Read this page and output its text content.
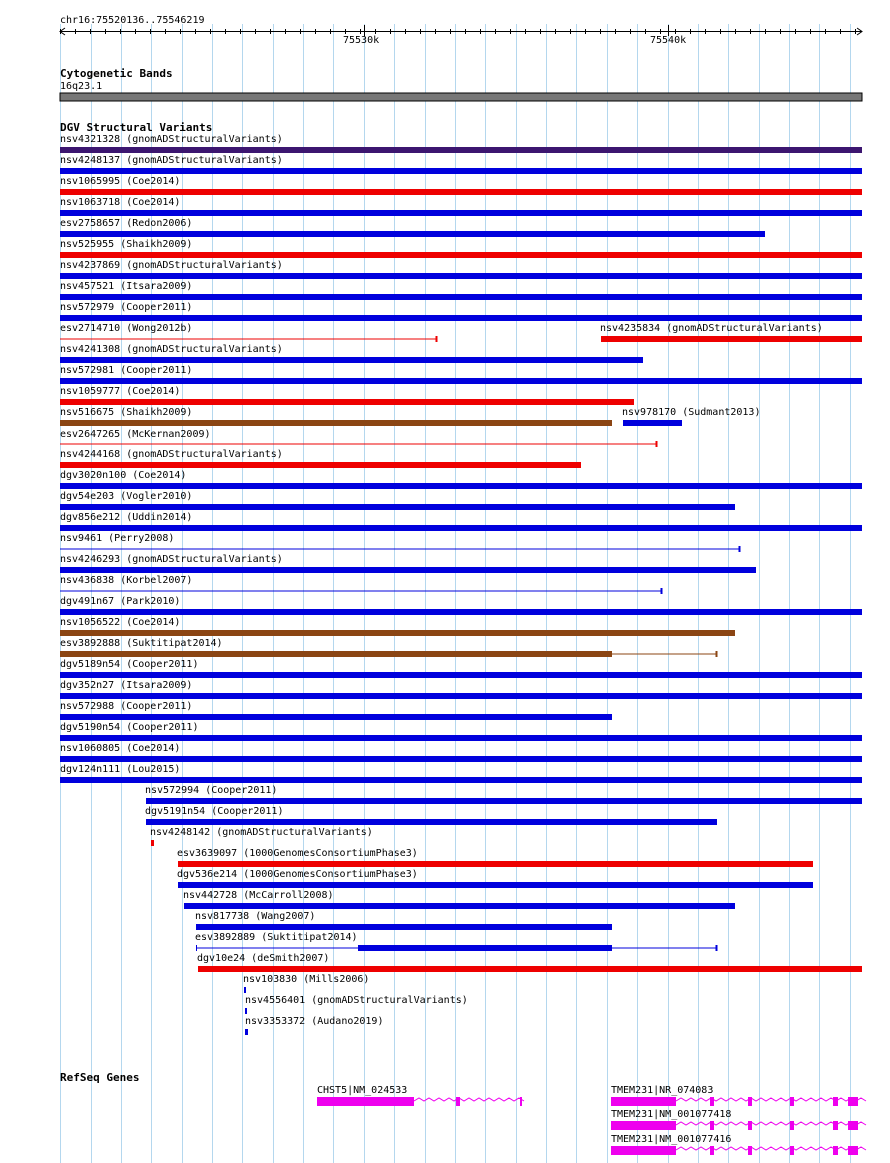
chr16:75520136..75546219
75530k	75540k
Cytogenetic Bands
16q23.1
DGV Structural Variants
nsv4321328 (gnomADStructuralVariants)
nsv4248137 (gnomADStructuralVariants)
nsv1065995 (Coe2014)
nsv1063718 (Coe2014)
esv2758657 (Redon2006)
nsv525955 (Shaikh2009)
nsv4237869 (gnomADStructuralVariants)
nsv457521 (Itsara2009)
nsv572979 (Cooper2011)
esv2714710 (Wong2012b)	nsv4235834 (gnomADStructuralVariants)
nsv4241308 (gnomADStructuralVariants)
nsv572981 (Cooper2011)
nsv1059777 (Coe2014)
nsv516675 (Shaikh2009)	nsv978170 (Sudmant2013)
esv2647265 (McKernan2009)
nsv4244168 (gnomADStructuralVariants)
dgv3020n100 (Coe2014)
dgv54e203 (Vogler2010)
dgv856e212 (Uddin2014)
nsv9461 (Perry2008)
nsv4246293 (gnomADStructuralVariants)
nsv436838 (Korbel2007)
dgv491n67 (Park2010)
nsv1056522 (Coe2014)
esv3892888 (Suktitipat2014)
dgv5189n54 (Cooper2011)
dgv352n27 (Itsara2009)
nsv572988 (Cooper2011)
dgv5190n54 (Cooper2011)
nsv1060805 (Coe2014)
dgv124n111 (Lou2015)
nsv572994 (Cooper2011)
dgv5191n54 (Cooper2011)
nsv4248142 (gnomADStructuralVariants)
esv3639097 (1000GenomesConsortiumPhase3)
dgv536e214 (1000GenomesConsortiumPhase3)
nsv442728 (McCarroll2008)
nsv817738 (Wang2007)
esv3892889 (Suktitipat2014)
dgv10e24 (deSmith2007)
nsv103830 (Mills2006)
nsv4556401 (gnomADStructuralVariants)
nsv3353372 (Audano2019)
RefSeq Genes
CHST5|NM_024533	TMEM231|NR_074083
TMEM231|NM_001077418
TMEM231|NM_001077416
